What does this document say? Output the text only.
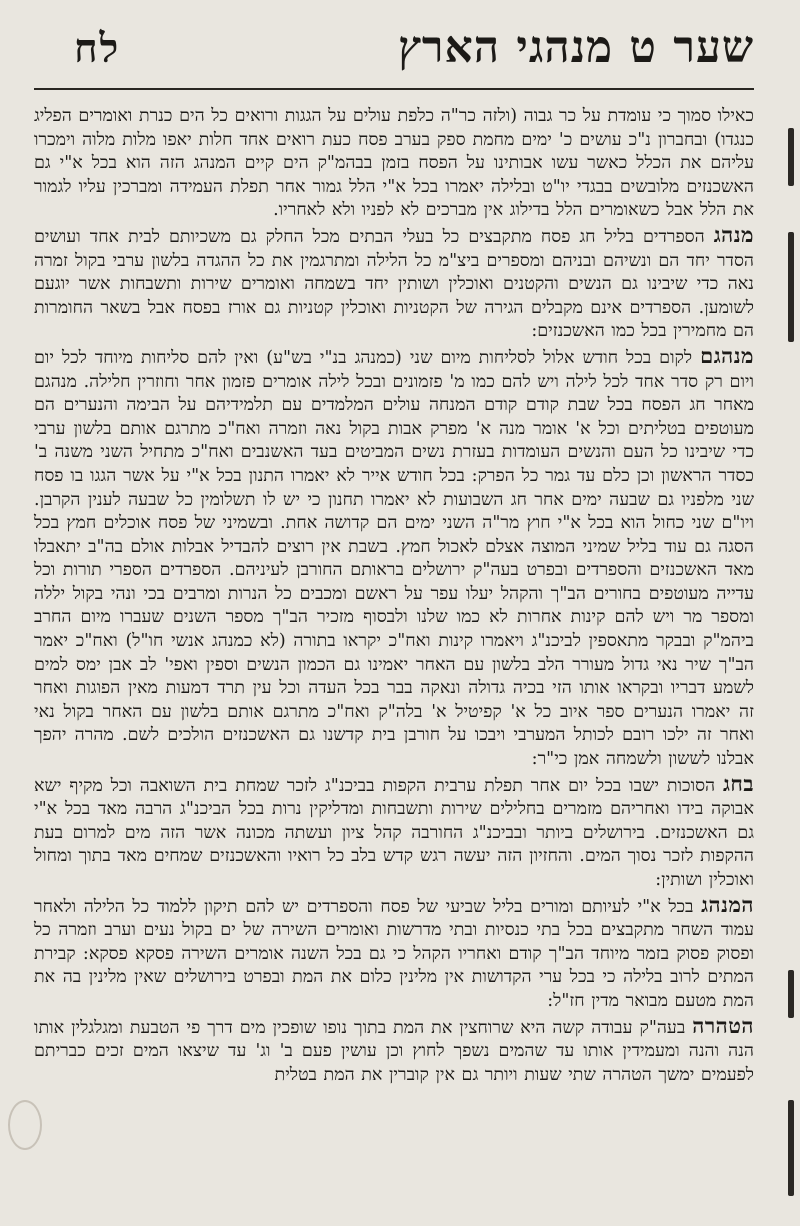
שער ט מנהגי הארץ
לח

כאילו סמוך כי עומדת על כר גבוה (ולזה כר"ה כלפת עולים על הגגות ורואים כל הים כנרת ואומרים הפליג כנגדו) ובחברון נ"כ עושים כ' ימים מחמת ספק בערב פסח כעת רואים אחד חלות יאפו מלות מלוה וימכרו עליהם את הכלל כאשר עשו אבותינו על הפסח בזמן בבהמ"ק הים קיים המנהג הזה הוא בכל א"י גם האשכנזים מלובשים בבגדי יו"ט ובלילה יאמרו בכל א"י הלל גמור אחר תפלת העמידה ומברכין עליו לגמור את הלל אבל כשאומרים הלל בדילוג אין מברכים לא לפניו ולא לאחריו.

מנהג הספרדים בליל חג פסח מתקבצים כל בעלי הבתים מכל החלק גם משכיותם לבית אחד ועושים הסדר יחד הם ונשיהם ובניהם ומספרים ביצ"מ כל הלילה ומתרגמין את כל ההגדה בלשון ערבי בקול זמרה נאה כדי שיבינו גם הנשים והקטנים ואוכלין ושותין יחד בשמחה ואומרים שירות ותשבחות אשר יוגעם לשומען. הספרדים אינם מקבלים הגירה של הקטניות ואוכלין קטניות גם אורז בפסח אבל בשאר החומרות הם מחמירין בכל כמו האשכנזים:

מנהגם לקום בכל חודש אלול לסליחות מיום שני (כמנהג בנ"י בש"ע) ואין להם סליחות מיוחד לכל יום ויום רק סדר אחד לכל לילה ויש להם כמו מ' פזמונים ובכל לילה אומרים פזמון אחר וחוזרין חלילה. מנהגם מאחר חג הפסח בכל שבת קודם קודם המנחה עולים המלמדים עם תלמידיהם על הבימה והנערים הם מעוטפים בטליתים וכל א' אומר מנה א' מפרק אבות בקול נאה וזמרה ואח"כ מתרגם אותם בלשון ערבי כדי שיבינו כל העם והנשים העומדות בעזרת נשים המביטים בעד האשנבים ואח"כ מתחיל השני משנה ב' כסדר הראשון וכן כלם עד גמר כל הפרק: בכל חודש אייר לא יאמרו התנון בכל א"י על אשר הגגו בו פסח שני מלפניו גם שבעה ימים אחר חג השבועות לא יאמרו תחנון כי יש לו תשלומין כל שבעה לענין הקרבן. ויו"ם שני כחול הוא בכל א"י חוץ מר"ה השני ימים הם קדושה אחת. ובשמיני של פסח אוכלים חמץ בכל הסגה גם עוד בליל שמיני המוצה אצלם לאכול חמץ. בשבת אין רוצים להבדיל אבלות אולם בה"ב יתאבלו מאד האשכנזים והספרדים ובפרט בעה"ק ירושלים בראותם החורבן לעיניהם. הספרדים הספרי תורות וכל עדייה מעוטפים בחורים הב"ך והקהל יעלו עפר על ראשם ומכבים כל הנרות ומרבים בכי ונהי בקול יללה ומספר מר ויש להם קינות אחרות לא כמו שלנו ולבסוף מזכיר הב"ך מספר השנים שעברו מיום החרב ביהמ"ק ובבקר מתאספין לביכנ"ג ויאמרו קינות ואח"כ יקראו בתורה (לא כמנהג אנשי חו"ל) ואח"כ יאמר הב"ך שיר נאי גדול מעורר הלב בלשון עם האחר יאמינו גם הכמון הנשים וספין ואפי' לב אבן ימס למים לשמע דבריו ובקראו אותו הזי בכיה גדולה ונאקה בבר בכל העדה וכל עין תרד דמעות מאין הפוגות ואחר זה יאמרו הנערים ספר איוב כל א' קפיטיל א' בלה"ק ואח"כ מתרגם אותם בלשון עם האחר בקול נאי ואחר זה ילכו רובם לכותל המערבי ויבכו על חורבן בית קדשנו גם האשכנזים הולכים לשם. מהרה יהפך אבלנו לששון ולשמחה אמן כי"ר:

בחג הסוכות ישבו בכל יום אחר תפלת ערבית הקפות בביכנ"ג לזכר שמחת בית השואבה וכל מקיף ישא אבוקה בידו ואחריהם מזמרים בחלילים שירות ותשבחות ומדליקין נרות בכל הביכנ"ג הרבה מאד בכל א"י גם האשכנזים. בירושלים ביותר ובביכנ"ג החורבה קהל ציון ועשתה מכונה אשר הזה מים למרום בעת ההקפות לזכר נסוך המים. והחזיון הזה יעשה רגש קדש בלב כל רואיו והאשכנזים שמחים מאד בתוך ומחול ואוכלין ושותין:

המנהג בכל א"י לעיותם ומורים בליל שביעי של פסח והספרדים יש להם תיקון ללמוד כל הלילה ולאחר עמוד השחר מתקבצים בכל בתי כנסיות ובתי מדרשות ואומרים השירה של ים בקול נעים וערב וזמרה כל ופסוק פסוק בזמר מיוחד הב"ך קודם ואחריו הקהל כי גם בכל השנה אומרים השירה פסקא פסקא: קבירת המתים לרוב בלילה כי בכל ערי הקדושות אין מלינין כלום את המת ובפרט בירושלים שאין מלינין בה את המת מטעם מבואר מדין חז"ל:

הטהרה בעה"ק עבודה קשה היא שרוחצין את המת בתוך נופו שופכין מים דרך פי הטבעת ומגלגלין אותו הנה והנה ומעמידין אותו עד שהמים נשפך לחוץ וכן עושין פעם ב' וג' עד שיצאו המים זכים כבריתם לפעמים ימשך הטהרה שתי שעות ויותר גם אין קוברין את המת בטלית
